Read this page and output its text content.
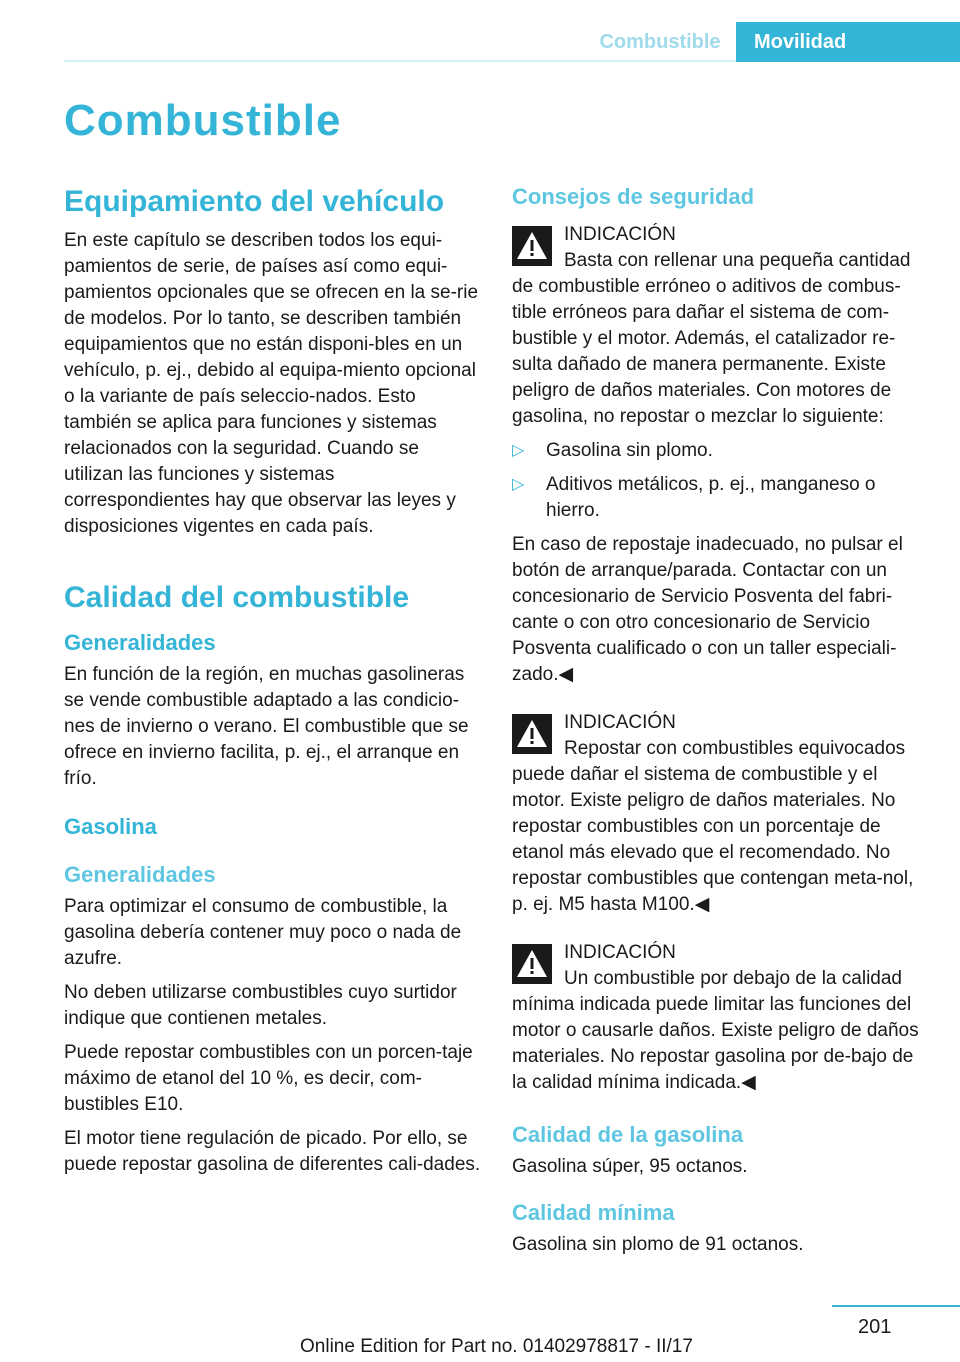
Combustible	Movilidad
Combustible
Equipamiento del vehículo

En este capítulo se describen todos los equi-pamientos de serie, de países así como equi-pamientos opcionales que se ofrecen en la se-rie de modelos. Por lo tanto, se describen también equipamientos que no están disponi-bles en un vehículo, p. ej., debido al equipa-miento opcional o la variante de país seleccio-nados. Esto también se aplica para funciones y sistemas relacionados con la seguridad. Cuando se utilizan las funciones y sistemas correspondientes hay que observar las leyes y disposiciones vigentes en cada país.

Calidad del combustible
Generalidades

En función de la región, en muchas gasolineras se vende combustible adaptado a las condicio-nes de invierno o verano. El combustible que se ofrece en invierno facilita, p. ej., el arranque en frío.

Gasolina
Generalidades

Para optimizar el consumo de combustible, la gasolina debería contener muy poco o nada de azufre.

No deben utilizarse combustibles cuyo surtidor indique que contienen metales.

Puede repostar combustibles con un porcen-taje máximo de etanol del 10 %, es decir, com-bustibles E10.

El motor tiene regulación de picado. Por ello, se puede repostar gasolina de diferentes cali-dades.

Consejos de seguridad
INDICACIÓN
Basta con rellenar una pequeña cantidad de combustible erróneo o aditivos de combus-tible erróneos para dañar el sistema de com-bustible y el motor. Además, el catalizador re-sulta dañado de manera permanente. Existe peligro de daños materiales. Con motores de gasolina, no repostar o mezclar lo siguiente:
▷ Gasolina sin plomo.
▷ Aditivos metálicos, p. ej., manganeso o hierro.

En caso de repostaje inadecuado, no pulsar el botón de arranque/parada. Contactar con un concesionario de Servicio Posventa del fabri-cante o con otro concesionario de Servicio Posventa cualificado o con un taller especiali-zado.◀

INDICACIÓN
Repostar con combustibles equivocados puede dañar el sistema de combustible y el motor. Existe peligro de daños materiales. No repostar combustibles con un porcentaje de etanol más elevado que el recomendado. No repostar combustibles que contengan meta-nol, p. ej. M5 hasta M100.◀
INDICACIÓN
Un combustible por debajo de la calidad mínima indicada puede limitar las funciones del motor o causarle daños. Existe peligro de daños materiales. No repostar gasolina por de-bajo de la calidad mínima indicada.◀
Calidad de la gasolina

Gasolina súper, 95 octanos.

Calidad mínima

Gasolina sin plomo de 91 octanos.

201
Online Edition for Part no. 01402978817 - II/17
